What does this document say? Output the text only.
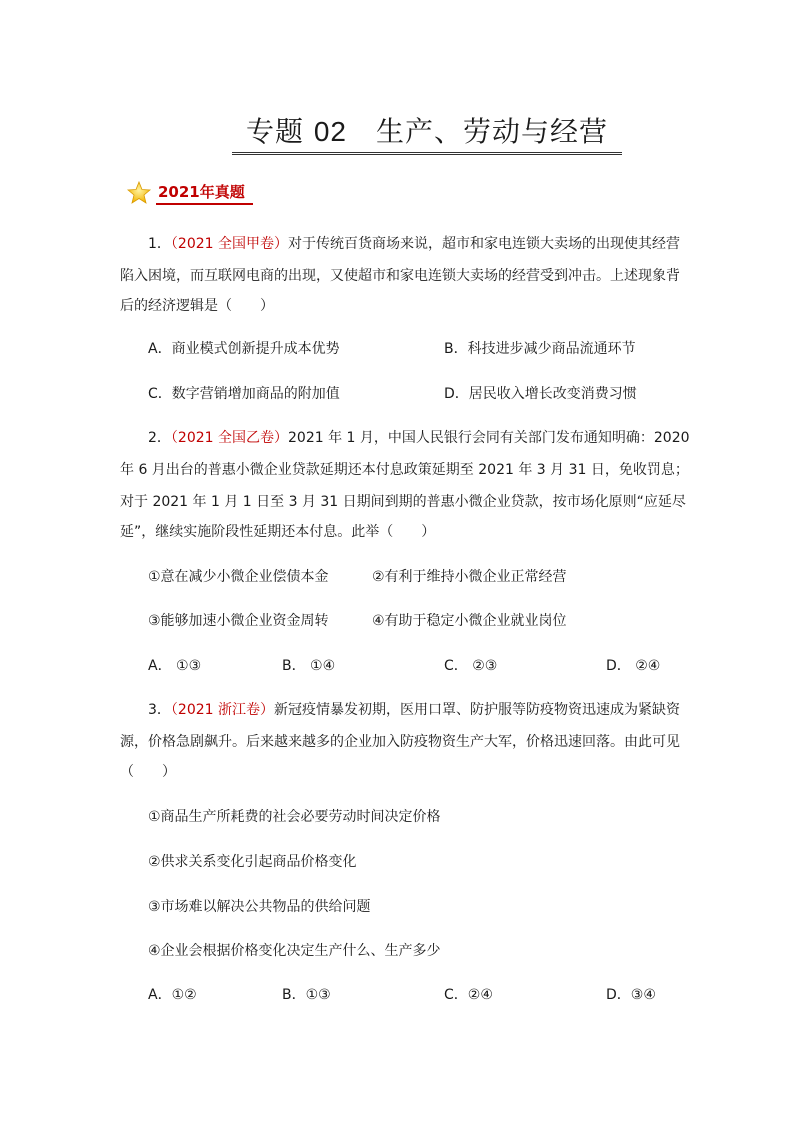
专题 02  生产、劳动与经营
2021年真题
1．（2021 全国甲卷）对于传统百货商场来说，超市和家电连锁大卖场的出现使其经营
陷入困境，而互联网电商的出现，又使超市和家电连锁大卖场的经营受到冲击。上述现象背
后的经济逻辑是（　　）
A．商业模式创新提升成本优势	B．科技进步减少商品流通环节
C．数字营销增加商品的附加值	D．居民收入增长改变消费习惯
2．（2021 全国乙卷）2021 年 1 月，中国人民银行会同有关部门发布通知明确：2020
年 6 月出台的普惠小微企业贷款延期还本付息政策延期至 2021 年 3 月 31 日，免收罚息；
对于 2021 年 1 月 1 日至 3 月 31 日期间到期的普惠小微企业贷款，按市场化原则“应延尽
延”，继续实施阶段性延期还本付息。此举（　　）
①意在减少小微企业偿债本金	②有利于维持小微企业正常经营
③能够加速小微企业资金周转	④有助于稳定小微企业就业岗位
A． ①③	B． ①④	C． ②③	D． ②④
3．（2021 浙江卷）新冠疫情暴发初期，医用口罩、防护服等防疫物资迅速成为紧缺资
源，价格急剧飙升。后来越来越多的企业加入防疫物资生产大军，价格迅速回落。由此可见
（　　）
①商品生产所耗费的社会必要劳动时间决定价格
②供求关系变化引起商品价格变化
③市场难以解决公共物品的供给问题
④企业会根据价格变化决定生产什么、生产多少
A．①②	B．①③	C．②④	D．③④
